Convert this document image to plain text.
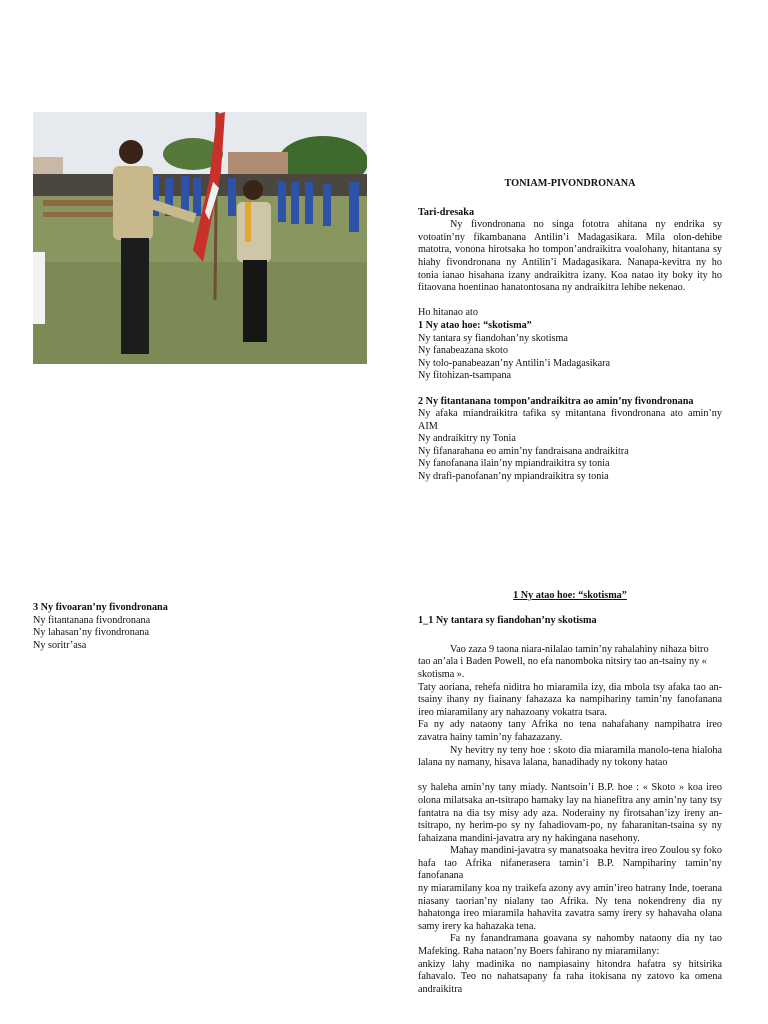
TONIAM-PIVONDRONANA

Tari-dresaka

Ny fivondronana no singa fototra ahitana ny endrika sy votoatin’ny fikambanana Antilin’i Madagasikara. Mila olon-dehibe matotra, vonona hirotsaka ho tompon’andraikitra voalohany, hitantana sy hiahy fivondronana ny Antilin’i Madagasikara. Nanapa-kevitra ny ho tonia ianao hisahana izany andraikitra izany. Koa natao ity boky ity ho fitaovana hoentinao hanatontosana ny andraikitra lehibe nekenao.

Ho hitanao ato

1 Ny atao hoe: “skotisma”

Ny tantara sy fiandohan’ny skotisma
Ny fanabeazana skoto
Ny tolo-panabeazan’ny Antilin’i Madagasikara
Ny fitohizan-tsampana

2 Ny fitantanana tompon’andraikitra ao amin’ny fivondronana

Ny afaka miandraikitra tafika sy mitantana fivondronana ato amin’ny AIM
Ny andraikitry ny Tonia
Ny fifanarahana eo amin’ny fandraisana andraikitra
Ny fanofanana ilain’ny mpiandraikitra sy tonia
Ny drafi-panofanan’ny mpiandraikitra sy tonia

3 Ny fivoaran’ny fivondronana

Ny fitantanana fivondronana
Ny lahasan’ny fivondronana
Ny soritr’asa

1 Ny atao hoe: “skotisma”

1_1 Ny tantara sy fiandohan’ny skotisma

Vao zaza 9 taona niara-nilalao tamin’ny rahalahiny nihaza bitro

tao an’ala i Baden Powell, no efa nanomboka nitsiry tao an-tsainy ny « skotisma ».

Taty aoriana, rehefa niditra ho miaramila izy, dia mbola tsy afaka tao an-tsainy ihany ny fiainany fahazaza ka nampihariny tamin’ny fanofanana ireo miaramilany ary nahazoany vokatra tsara.

Fa ny ady nataony tany Afrika no tena nahafahany nampihatra ireo zavatra hainy tamin’ny fahazazany.

Ny hevitry ny teny hoe : skoto dia miaramila manolo-tena hialoha lalana ny namany, hisava lalana, hanadihady ny tokony hatao

sy haleha amin’ny tany miady. Nantsoin’i B.P. hoe : « Skoto » koa ireo olona milatsaka an-tsitrapo hamaky lay na hianefitra any amin’ny tany tsy fantatra na dia tsy misy ady aza. Noderainy ny firotsahan’izy ireny an-tsitrapo, ny herim-po sy ny fahadiovam-po, ny faharanitan-tsaina sy ny fahaizana mandini-javatra ary ny hakingana nasehony.

Mahay mandini-javatra sy manatsoaka hevitra ireo Zoulou sy foko hafa tao Afrika nifanerasera tamin’i B.P. Nampihariny tamin’ny fanofanana

ny miaramilany koa ny traikefa azony avy amin’ireo hatrany Inde, toerana niasany taorian’ny nialany tao Afrika. Ny tena nokendreny dia ny hahatonga ireo miaramila hahavita zavatra samy irery sy hahavaha olana samy irery ka hahazaka tena.

Fa ny fanandramana goavana sy nahomby nataony dia ny tao Mafeking. Raha nataon’ny Boers fahirano ny miaramilany:

ankizy lahy madinika no nampiasainy hitondra hafatra sy hitsirika fahavalo. Teo no nahatsapany fa raha itokisana ny zatovo ka omena andraikitra
